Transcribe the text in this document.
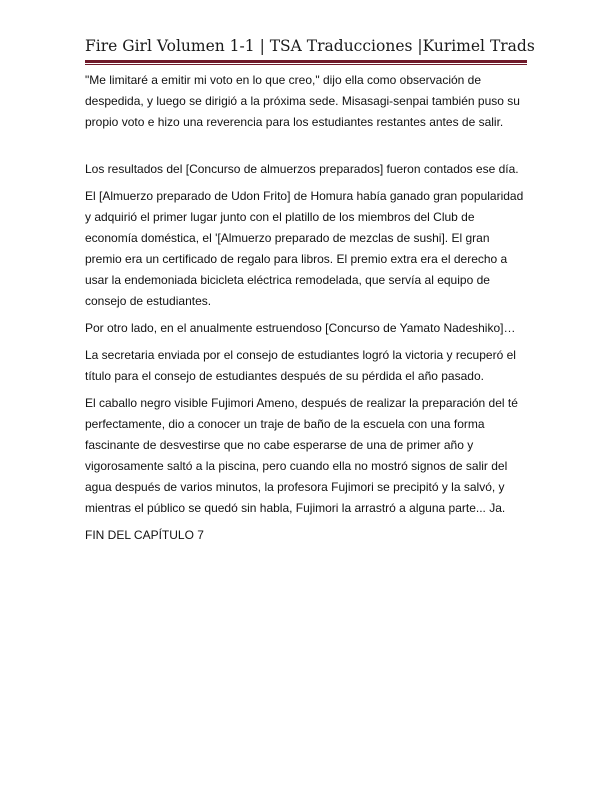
Fire Girl Volumen 1-1 | TSA Traducciones |Kurimel Trads

"Me limitaré a emitir mi voto en lo que creo," dijo ella como observación de despedida, y luego se dirigió a la próxima sede. Misasagi-senpai también puso su propio voto e hizo una reverencia para los estudiantes restantes antes de salir.

Los resultados del [Concurso de almuerzos preparados] fueron contados ese día.

El [Almuerzo preparado de Udon Frito] de Homura había ganado gran popularidad y adquirió el primer lugar junto con el platillo de los miembros del Club de economía doméstica, el '[Almuerzo preparado de mezclas de sushi]. El gran premio era un certificado de regalo para libros. El premio extra era el derecho a usar la endemoniada bicicleta eléctrica remodelada, que servía al equipo de consejo de estudiantes.

Por otro lado, en el anualmente estruendoso [Concurso de Yamato Nadeshiko]…

La secretaria enviada por el consejo de estudiantes logró la victoria y recuperó el título para el consejo de estudiantes después de su pérdida el año pasado.

El caballo negro visible Fujimori Ameno, después de realizar la preparación del té perfectamente, dio a conocer un traje de baño de la escuela con una forma fascinante de desvestirse que no cabe esperarse de una de primer año y vigorosamente saltó a la piscina, pero cuando ella no mostró signos de salir del agua después de varios minutos, la profesora Fujimori se precipitó y la salvó, y mientras el público se quedó sin habla, Fujimori la arrastró a alguna parte... Ja.

FIN DEL CAPÍTULO 7
